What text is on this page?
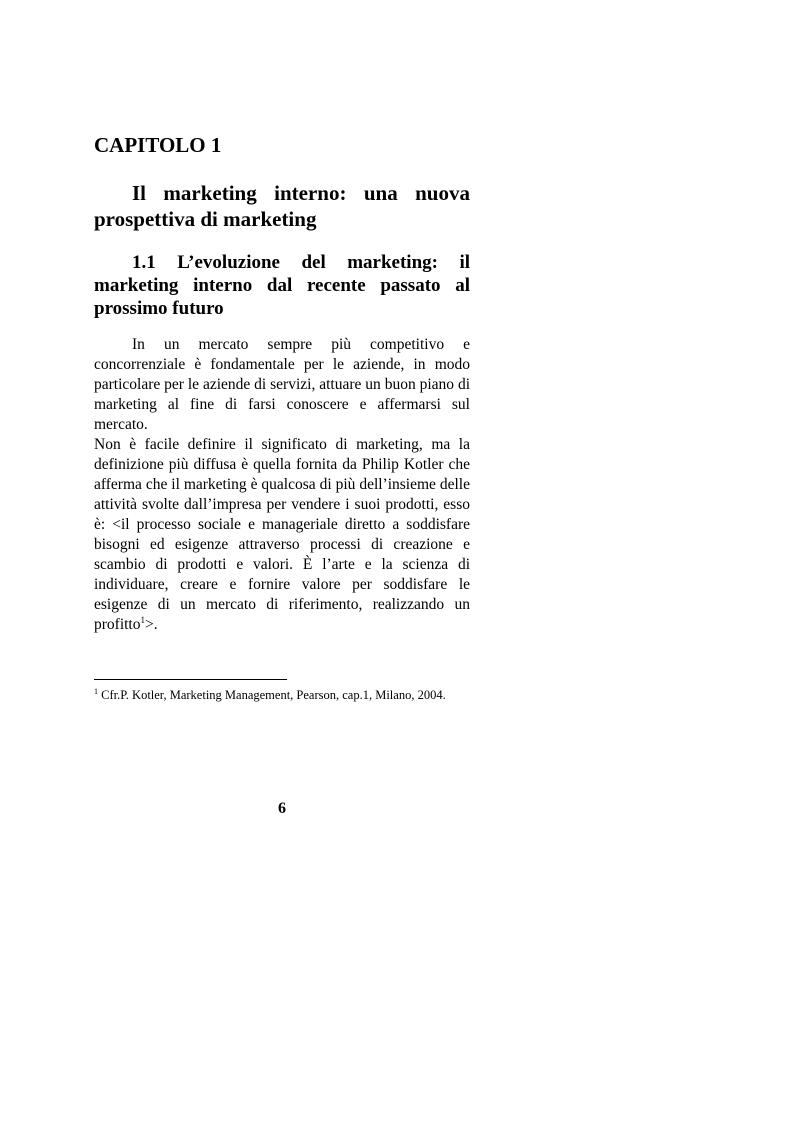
CAPITOLO 1
Il marketing interno: una nuova prospettiva di marketing
1.1 L’evoluzione del marketing: il marketing interno dal recente passato al prossimo futuro

In un mercato sempre più competitivo e concorrenziale è fondamentale per le aziende, in modo particolare per le aziende di servizi, attuare un buon piano di marketing al fine di farsi conoscere e affermarsi sul mercato.

Non è facile definire il significato di marketing, ma la definizione più diffusa è quella fornita da Philip Kotler che afferma che il marketing è qualcosa di più dell’insieme delle attività svolte dall’impresa per vendere i suoi prodotti, esso è: <il processo sociale e manageriale diretto a soddisfare bisogni ed esigenze attraverso processi di creazione e scambio di prodotti e valori. È l’arte e la scienza di individuare, creare e fornire valore per soddisfare le esigenze di un mercato di riferimento, realizzando un profitto$^1$>.

$^1$ Cfr.P. Kotler, Marketing Management, Pearson, cap.1, Milano, 2004.

6
